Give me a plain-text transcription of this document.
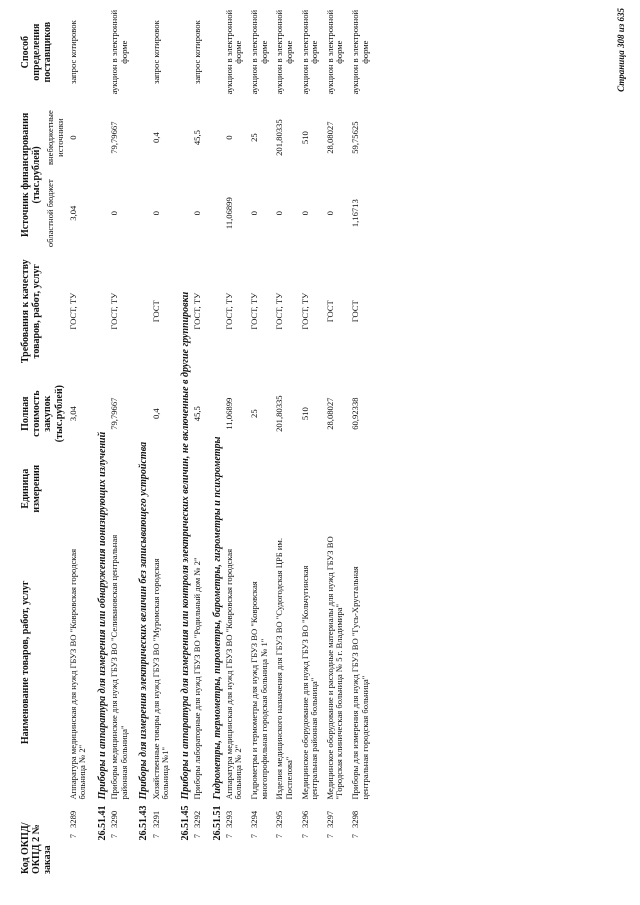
Код ОКПД/ ОКПД 2 № заказа		Наименование товаров, работ, услуг	Единица измерения	Полная стоимость закупок (тыс.рублей)	Требования к качеству товаров, работ, услуг	Источник финансирования (тыс.рублей)		Способ определения поставщиков
						областной бюджет	внебюджетные источники	
7	3289	Аппаратура медицинская для нужд ГБУЗ ВО "Ковровская городская больница № 2"		3,04	ГОСТ, ТУ	3,04	0	запрос котировок
26.51.41		Приборы и аппаратура для измерения или обнаружения ионизирующих излучений						
7	3290	Приборы медицинские для нужд ГБУЗ ВО "Селивановская центральная районная больница"		79,79667	ГОСТ, ТУ	0	79,79667	аукцион в электронной форме
26.51.43		Приборы для измерения электрических величин без записывающего устройства						
7	3291	Хозяйственные товары для нужд ГБУЗ ВО "Муромская городская больница №1"		0,4	ГОСТ	0	0,4	запрос котировок
26.51.45		Приборы и аппаратура для измерения или контроля электрических величин, не включенные в другие группировки						
7	3292	Приборы лабораторные для нужд ГБУЗ ВО "Родильный дом № 2"		45,5	ГОСТ, ТУ	0	45,5	запрос котировок
26.51.51		Гидрометры, термометры, пирометры, барометры, гигрометры и психрометры						
7	3293	Аппаратура медицинская для нужд ГБУЗ ВО "Ковровская городская больница № 2"		11,06899	ГОСТ, ТУ	11,06899	0	аукцион в электронной форме
7	3294	Гидрометры и термометры для нужд ГБУЗ ВО "Ковровская многопрофильная городская больница № 1"		25	ГОСТ, ТУ	0	25	аукцион в электронной форме
7	3295	Изделия медицинского назначения для ГБУЗ ВО "Судогодская ЦРБ им. Поспелова"		201,80335	ГОСТ, ТУ	0	201,80335	аукцион в электронной форме
7	3296	Медицинское оборудование для нужд ГБУЗ ВО "Кольчугинская центральная районная больница"		510	ГОСТ, ТУ	0	510	аукцион в электронной форме
7	3297	Медицинское оборудование и расходные материалы для нужд ГБУЗ ВО "Городская клиническая больница № 5 г. Владимира"		28,08027	ГОСТ	0	28,08027	аукцион в электронной форме
7	3298	Приборы для измерения для нужд ГБУЗ ВО "Гусь-Хрустальная центральная городская больница"		60,92338	ГОСТ	1,16713	59,75625	аукцион в электронной форме	Страница 308 из 635
